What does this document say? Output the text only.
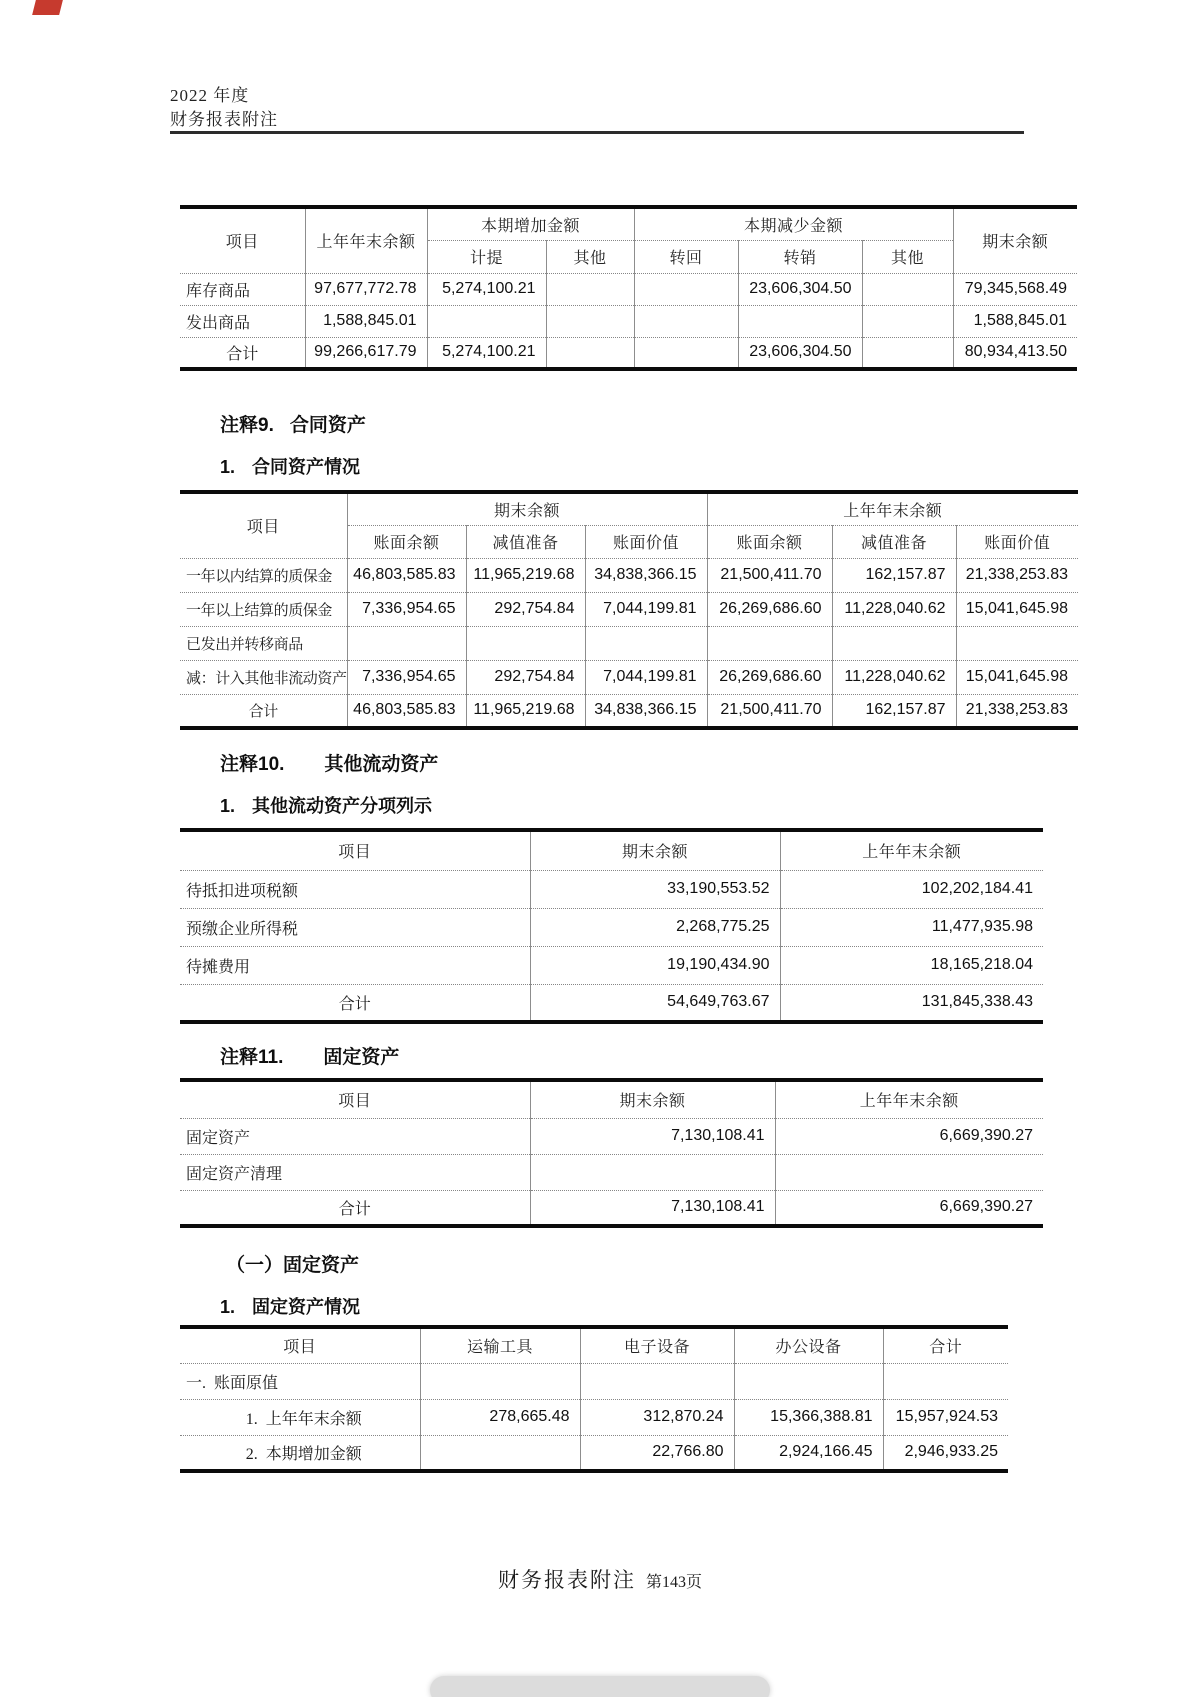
2022 年度
财务报表附注
项目	上年年末余额	本期增加金额		本期减少金额			期末余额
		计提	其他	转回	转销	其他	
库存商品	97,677,772.78	5,274,100.21			23,606,304.50		79,345,568.49
发出商品	1,588,845.01						1,588,845.01
合计	99,266,617.79	5,274,100.21			23,606,304.50		80,934,413.50
注释9. 合同资产
1. 合同资产情况
项目	期末余额			上年年末余额		
	账面余额	减值准备	账面价值	账面余额	减值准备	账面价值
一年以内结算的质保金	46,803,585.83	11,965,219.68	34,838,366.15	21,500,411.70	162,157.87	21,338,253.83
一年以上结算的质保金	7,336,954.65	292,754.84	7,044,199.81	26,269,686.60	11,228,040.62	15,041,645.98
已发出并转移商品						
减：计入其他非流动资产	7,336,954.65	292,754.84	7,044,199.81	26,269,686.60	11,228,040.62	15,041,645.98
合计	46,803,585.83	11,965,219.68	34,838,366.15	21,500,411.70	162,157.87	21,338,253.83
注释10. 其他流动资产
1. 其他流动资产分项列示
项目	期末余额	上年年末余额
待抵扣进项税额	33,190,553.52	102,202,184.41
预缴企业所得税	2,268,775.25	11,477,935.98
待摊费用	19,190,434.90	18,165,218.04
合计	54,649,763.67	131,845,338.43
注释11. 固定资产
项目	期末余额	上年年末余额
固定资产	7,130,108.41	6,669,390.27
固定资产清理		
合计	7,130,108.41	6,669,390.27
（一）固定资产
1. 固定资产情况
项目	运输工具	电子设备	办公设备	合计
一. 账面原值				
1. 上年年末余额	278,665.48	312,870.24	15,366,388.81	15,957,924.53
2. 本期增加金额		22,766.80	2,924,166.45	2,946,933.25
财务报表附注 第143页
